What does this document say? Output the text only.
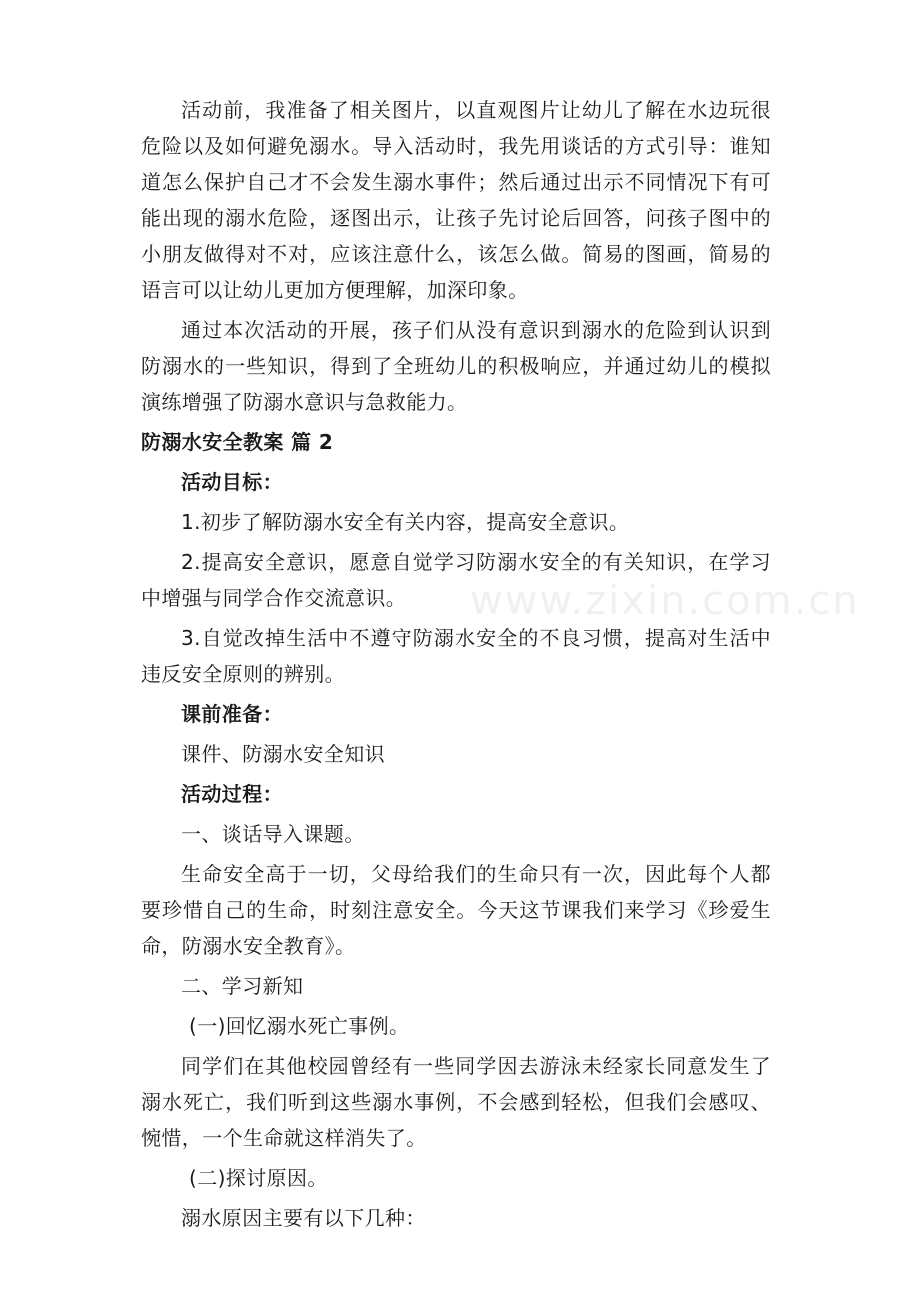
www.zixin.com.cn

活动前，我准备了相关图片，以直观图片让幼儿了解在水边玩很危险以及如何避免溺水。导入活动时，我先用谈话的方式引导：谁知道怎么保护自己才不会发生溺水事件；然后通过出示不同情况下有可能出现的溺水危险，逐图出示，让孩子先讨论后回答，问孩子图中的小朋友做得对不对，应该注意什么，该怎么做。简易的图画，简易的语言可以让幼儿更加方便理解，加深印象。

通过本次活动的开展，孩子们从没有意识到溺水的危险到认识到防溺水的一些知识，得到了全班幼儿的积极响应，并通过幼儿的模拟演练增强了防溺水意识与急救能力。

防溺水安全教案 篇 2
活动目标：

1.初步了解防溺水安全有关内容，提高安全意识。

2.提高安全意识，愿意自觉学习防溺水安全的有关知识，在学习中增强与同学合作交流意识。

3.自觉改掉生活中不遵守防溺水安全的不良习惯，提高对生活中违反安全原则的辨别。

课前准备：

课件、防溺水安全知识

活动过程：

一、谈话导入课题。

生命安全高于一切，父母给我们的生命只有一次，因此每个人都要珍惜自己的生命，时刻注意安全。今天这节课我们来学习《珍爱生命，防溺水安全教育》。

二、学习新知

(一)回忆溺水死亡事例。

同学们在其他校园曾经有一些同学因去游泳未经家长同意发生了溺水死亡，我们听到这些溺水事例，不会感到轻松，但我们会感叹、惋惜，一个生命就这样消失了。

(二)探讨原因。

溺水原因主要有以下几种：
